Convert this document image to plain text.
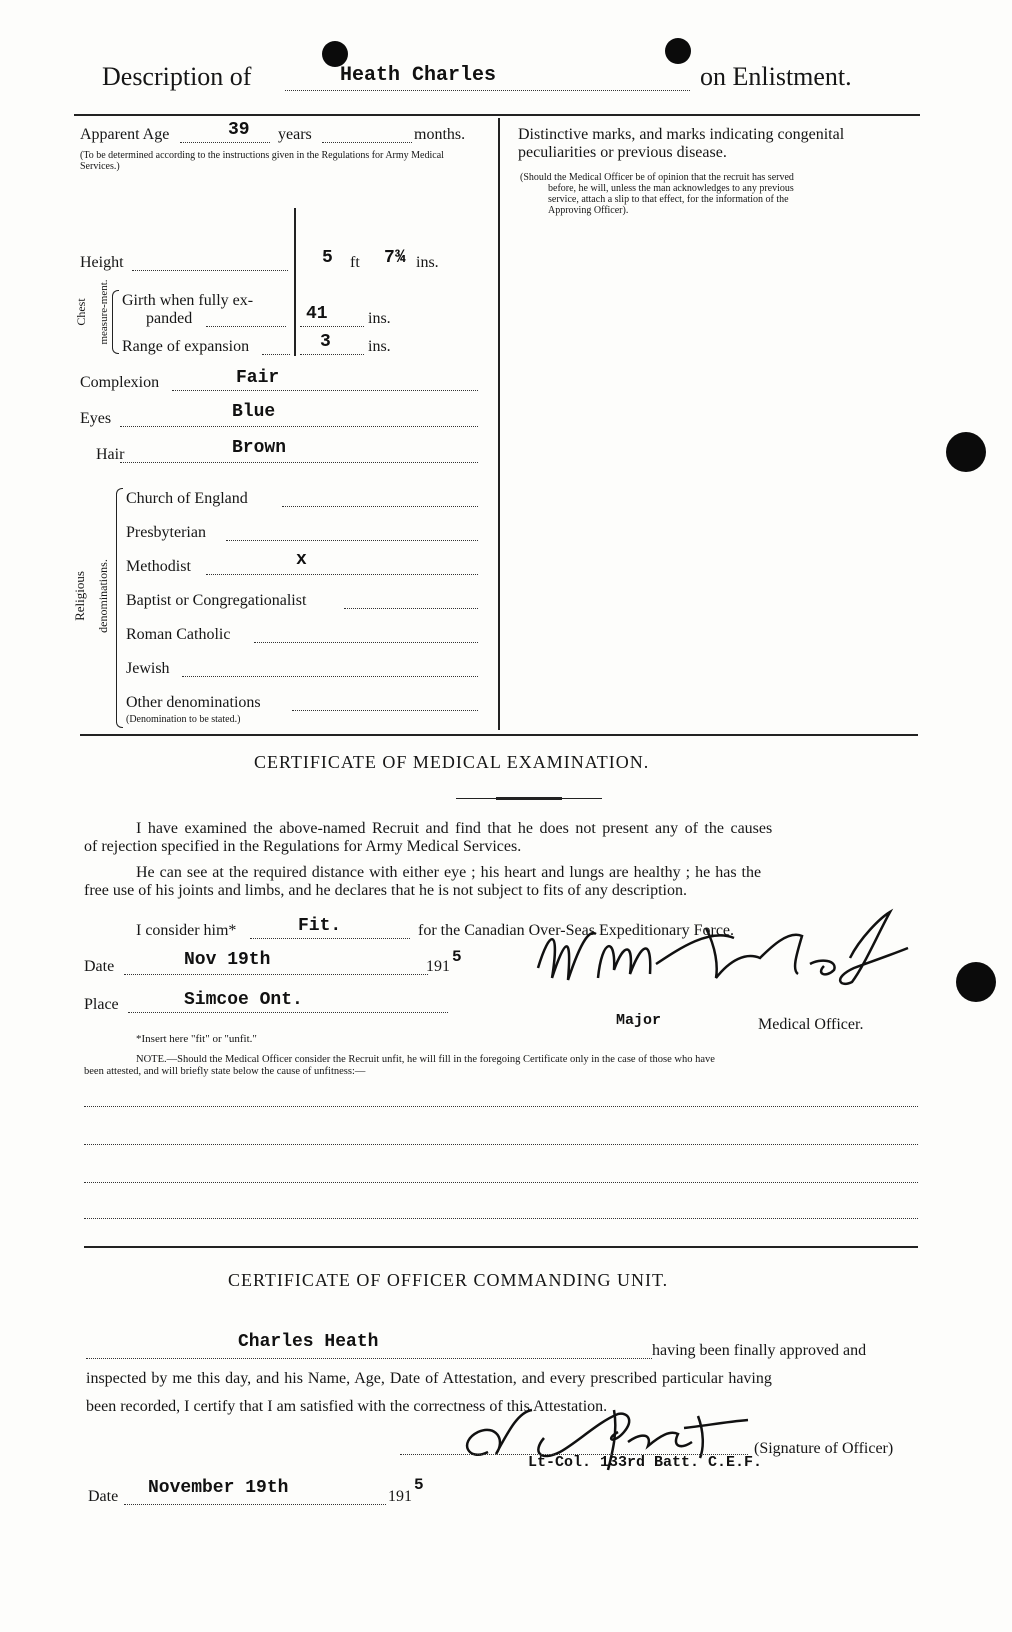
Description of	Heath Charles	on Enlistment.
Apparent Age	39 years	months.
(To be determined according to the instructions given in the Regulations for Army Medical Services.)
Distinctive marks, and marks indicating congenital
peculiarities or previous disease.
(Should the Medical Officer be of opinion that the recruit has served
before, he will, unless the man acknowledges to any previous
service, attach a slip to that effect, for the information of the
Approving Officer).
Height	5 ft 7¾ ins.
Chest measure-ment. Girth when fully ex-
panded	41	ins.
Range of expansion	3 ins.
Complexion	Fair
Eyes	Blue
Hair	Brown
Religious denominations.
Church of England
Presbyterian
Methodist	x
Baptist or Congregationalist
Roman Catholic
Jewish
Other denominations
(Denomination to be stated.)
CERTIFICATE OF MEDICAL EXAMINATION.
I have examined the above-named Recruit and find that he does not present any of the causes
of rejection specified in the Regulations for Army Medical Services.
He can see at the required distance with either eye ; his heart and lungs are healthy ; he has the
free use of his joints and limbs, and he declares that he is not subject to fits of any description.
I consider him*	Fit.	for the Canadian Over-Seas Expeditionary Force.
Date	Nov 19th	191
5
Place	Simcoe Ont.
Major	Medical Officer.
*Insert here "fit" or "unfit."
NOTE.—Should the Medical Officer consider the Recruit unfit, he will fill in the foregoing Certificate only in the case of those who have
been attested, and will briefly state below the cause of unfitness:—
CERTIFICATE OF OFFICER COMMANDING UNIT.
Charles Heath	having been finally approved and
inspected by me this day, and his Name, Age, Date of Attestation, and every prescribed particular having
been recorded, I certify that I am satisfied with the correctness of this Attestation.
(Signature of Officer)
Lt-Col. 133rd Batt. C.E.F.
Date November 19th	191
5
